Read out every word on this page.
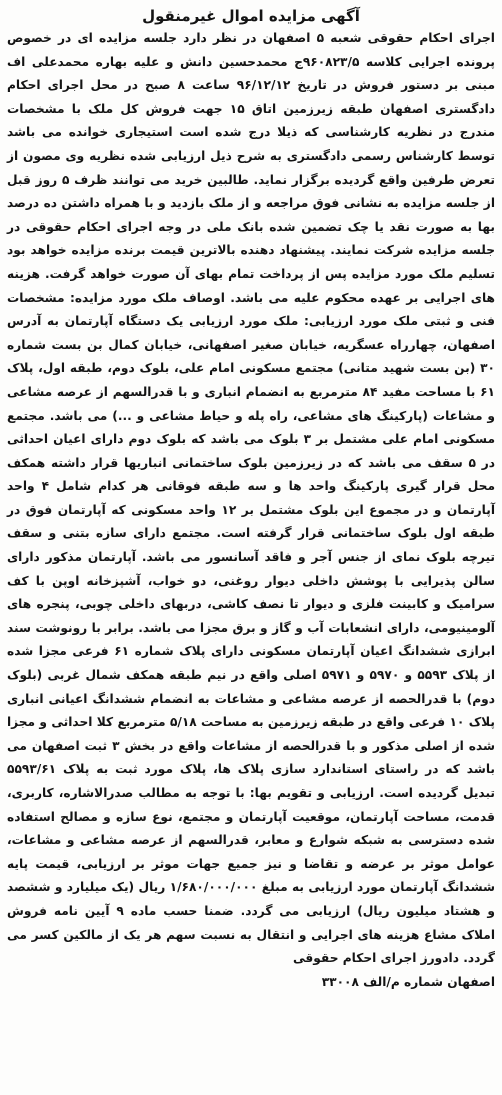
آگهی مزایده اموال غیرمنقول

اجرای احکام حقوقی شعبه ۵ اصفهان در نظر دارد جلسه مزایده ای در خصوص پرونده اجرایی کلاسه ۹۶۰۸۲۳/۵ج محمدحسین دانش و علیه بهاره محمدعلی اف مبنی بر دستور فروش در تاریخ ۹۶/۱۲/۱۲ ساعت ۸ صبح در محل اجرای احکام دادگستری اصفهان طبقه زیرزمین اتاق ۱۵ جهت فروش کل ملک با مشخصات مندرج در نظریه کارشناسی که ذیلا درج شده است استیجاری خوانده می باشد توسط کارشناس رسمی دادگستری به شرح ذیل ارزیابی شده نظریه وی مصون از تعرض طرفین واقع گردیده برگزار نماید. طالبین خرید می توانند ظرف ۵ روز قبل از جلسه مزایده به نشانی فوق مراجعه و از ملک بازدید و با همراه داشتن ده درصد بها به صورت نقد یا چک تضمین شده بانک ملی در وجه اجرای احکام حقوقی در جلسه مزایده شرکت نمایند. پیشنهاد دهنده بالاترین قیمت برنده مزایده خواهد بود تسلیم ملک مورد مزایده پس از پرداخت تمام بهای آن صورت خواهد گرفت. هزینه های اجرایی بر عهده محکوم علیه می باشد. اوصاف ملک مورد مزایده: مشخصات فنی و ثبتی ملک مورد ارزیابی: ملک مورد ارزیابی یک دستگاه آپارتمان به آدرس اصفهان، چهارراه عسگریه، خیابان صغیر اصفهانی، خیابان کمال بن بست شماره ۳۰ (بن بست شهید متانی) مجتمع مسکونی امام علی، بلوک دوم، طبقه اول، پلاک ۶۱ با مساحت مفید ۸۴ مترمربع به انضمام انباری و با قدرالسهم از عرصه مشاعی و مشاعات (پارکینگ های مشاعی، راه پله و حیاط مشاعی و ...) می باشد. مجتمع مسکونی امام علی مشتمل بر ۳ بلوک می باشد که بلوک دوم دارای اعیان احداثی در ۵ سقف می باشد که در زیرزمین بلوک ساختمانی انباریها قرار داشته همکف محل قرار گیری پارکینگ واحد ها و سه طبقه فوقانی هر کدام شامل ۴ واحد آپارتمان و در مجموع این بلوک مشتمل بر ۱۲ واحد مسکونی که آپارتمان فوق در طبقه اول بلوک ساختمانی قرار گرفته است. مجتمع دارای سازه بتنی و سقف تیرچه بلوک نمای از جنس آجر و فاقد آسانسور می باشد. آپارتمان مذکور دارای سالن پذیرایی با پوشش داخلی دیوار روغنی، دو خواب، آشپزخانه اوپن با کف سرامیک و کابینت فلزی و دیوار تا نصف کاشی، دربهای داخلی چوبی، پنجره های آلومینیومی، دارای انشعابات آب و گاز و برق مجزا می باشد. برابر با رونوشت سند ابرازی ششدانگ اعیان آپارتمان مسکونی دارای پلاک شماره ۶۱ فرعی مجزا شده از پلاک ۵۵۹۳ و ۵۹۷۰ و ۵۹۷۱ اصلی واقع در نیم طبقه همکف شمال غربی (بلوک دوم) با قدرالحصه از عرصه مشاعی و مشاعات به انضمام ششدانگ اعیانی انباری پلاک ۱۰ فرعی واقع در طبقه زیرزمین به مساحت ۵/۱۸ مترمربع کلا احداثی و مجزا شده از اصلی مذکور و با قدرالحصه از مشاعات واقع در بخش ۳ ثبت اصفهان می باشد که در راستای استاندارد سازی پلاک ها، پلاک مورد ثبت به پلاک ۵۵۹۳/۶۱ تبدیل گردیده است. ارزیابی و تقویم بها: با توجه به مطالب صدرالاشاره، کاربری، قدمت، مساحت آپارتمان، موقعیت آپارتمان و مجتمع، نوع سازه و مصالح استفاده شده دسترسی به شبکه شوارع و معابر، قدرالسهم از عرصه مشاعی و مشاعات، عوامل موثر بر عرضه و تقاضا و نیز جمیع جهات موثر بر ارزیابی، قیمت پایه ششدانگ آپارتمان مورد ارزیابی به مبلغ ۱/۶۸۰/۰۰۰/۰۰۰ ریال (یک میلیارد و ششصد و هشتاد میلیون ریال) ارزیابی می گردد. ضمنا حسب ماده ۹ آیین نامه فروش املاک مشاع هزینه های اجرایی و انتقال به نسبت سهم هر یک از مالکین کسر می گردد. دادورز اجرای احکام حقوقی

اصفهان شماره م/الف ۳۳۰۰۸
